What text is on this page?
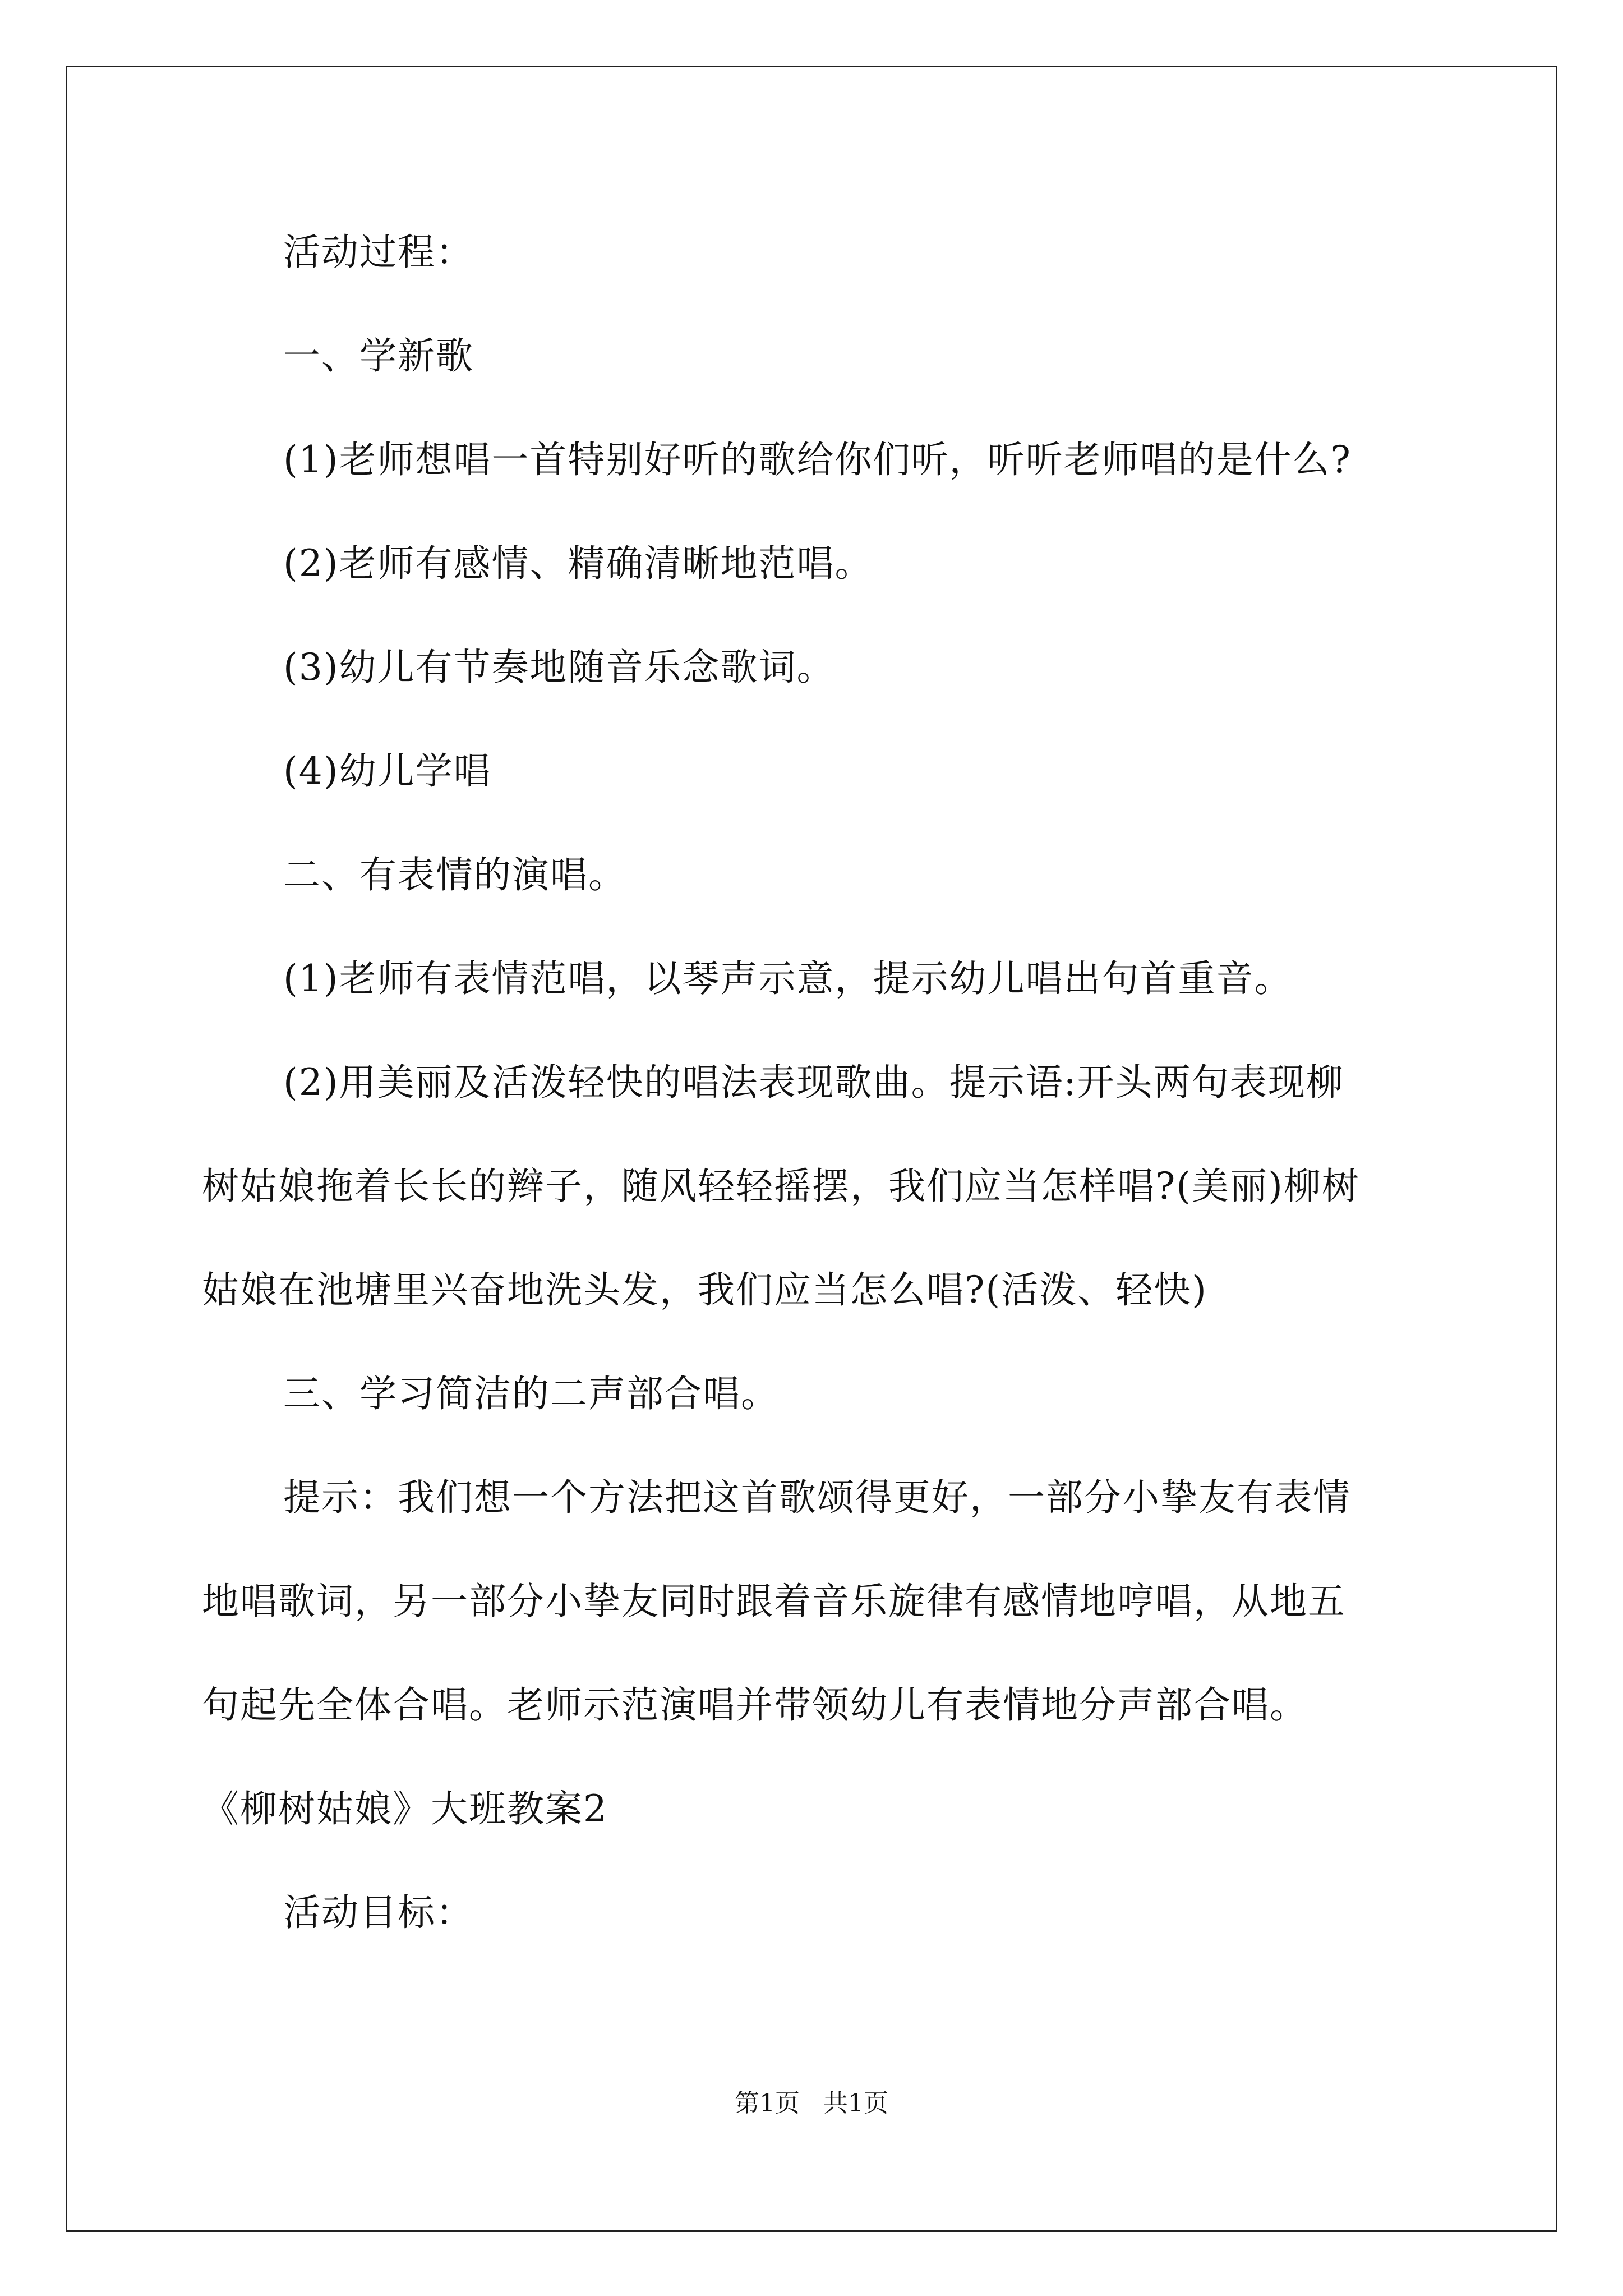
活动过程：
一、学新歌
(1)老师想唱一首特别好听的歌给你们听，听听老师唱的是什么?
(2)老师有感情、精确清晰地范唱。
(3)幼儿有节奏地随音乐念歌词。
(4)幼儿学唱
二、有表情的演唱。
(1)老师有表情范唱，以琴声示意，提示幼儿唱出句首重音。
(2)用美丽及活泼轻快的唱法表现歌曲。提示语:开头两句表现柳
树姑娘拖着长长的辫子，随风轻轻摇摆，我们应当怎样唱?(美丽)柳树
姑娘在池塘里兴奋地洗头发，我们应当怎么唱?(活泼、轻快)
三、学习简洁的二声部合唱。
提示：我们想一个方法把这首歌颂得更好，一部分小挚友有表情
地唱歌词，另一部分小挚友同时跟着音乐旋律有感情地哼唱，从地五
句起先全体合唱。老师示范演唱并带领幼儿有表情地分声部合唱。
《柳树姑娘》大班教案2
活动目标：
第1页   共1页
